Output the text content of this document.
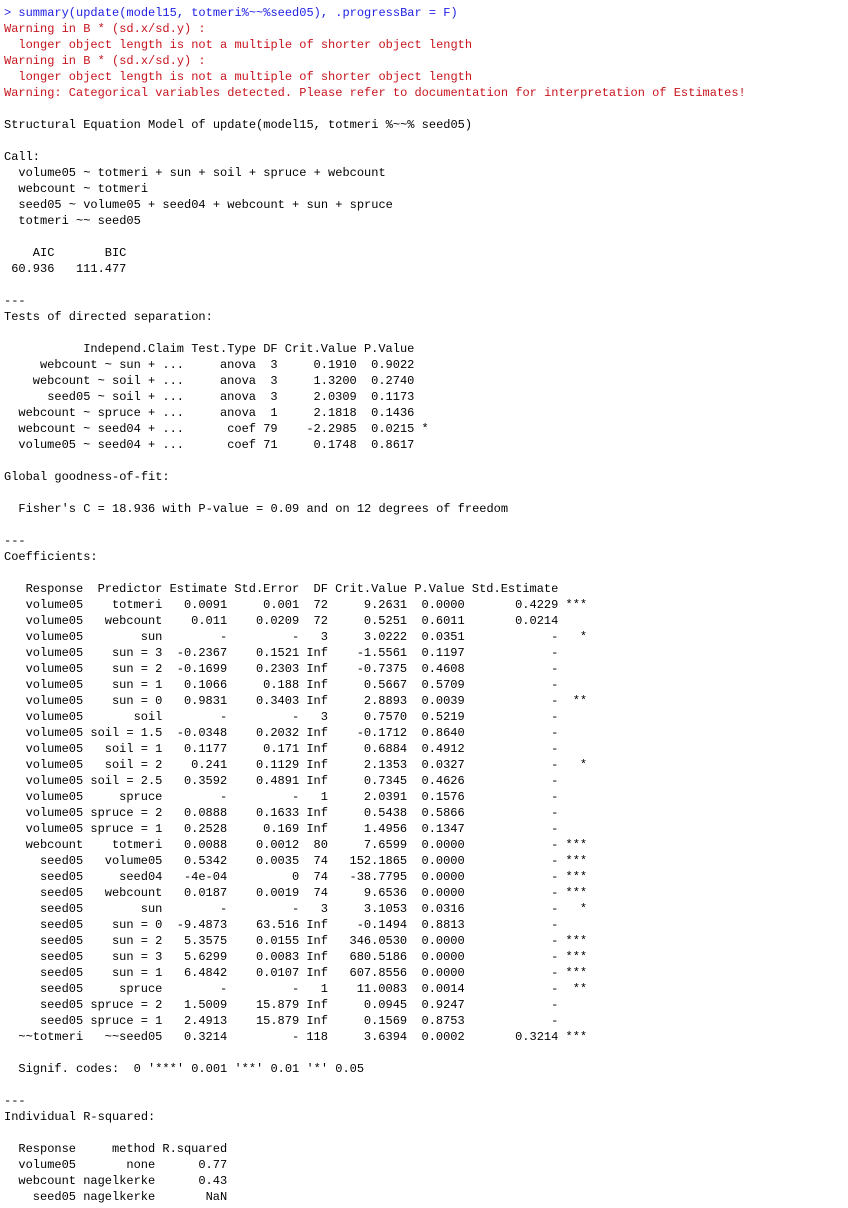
> summary(update(model15, totmeri%~~%seed05), .progressBar = F)
Warning in B * (sd.x/sd.y) :
longer object length is not a multiple of shorter object length
Warning in B * (sd.x/sd.y) :
longer object length is not a multiple of shorter object length
Warning: Categorical variables detected. Please refer to documentation for interpretation of Estimates!
Structural Equation Model of update(model15, totmeri %~~% seed05)
Call:
volume05 ~ totmeri + sun + soil + spruce + webcount
webcount ~ totmeri
seed05 ~ volume05 + seed04 + webcount + sun + spruce
totmeri ~~ seed05
AIC	BIC
60.936	111.477
---
Tests of directed separation:
Independ.Claim Test.Type DF Crit.Value P.Value
webcount ~ sun + ...	anova	3	0.1910	0.9022
webcount ~ soil + ...	anova	3	1.3200	0.2740
seed05 ~ soil + ...	anova	3	2.0309	0.1173
webcount ~ spruce + ...	anova	1	2.1818	0.1436
webcount ~ seed04 + ...	coef 79	-2.2985	0.0215 *
volume05 ~ seed04 + ...	coef 71	0.1748	0.8617
Global goodness-of-fit:
Fisher's C = 18.936 with P-value = 0.09 and on 12 degrees of freedom
---
Coefficients:
Response	Predictor Estimate Std.Error	DF Crit.Value P.Value Std.Estimate
volume05	totmeri	0.0091	0.001	72	9.2631	0.0000	0.4229 ***
volume05	webcount	0.011	0.0209	72	0.5251	0.6011	0.0214
volume05	sun	-	-	3	3.0222	0.0351	-	*
volume05	sun = 3	-0.2367	0.1521 Inf	-1.5561	0.1197	-
volume05	sun = 2	-0.1699	0.2303 Inf	-0.7375	0.4608	-
volume05	sun = 1	0.1066	0.188 Inf	0.5667	0.5709	-
volume05	sun = 0	0.9831	0.3403 Inf	2.8893	0.0039	-	**
volume05	soil	-	-	3	0.7570	0.5219	-
volume05 soil = 1.5	-0.0348	0.2032 Inf	-0.1712	0.8640	-
volume05	soil = 1	0.1177	0.171 Inf	0.6884	0.4912	-
volume05	soil = 2	0.241	0.1129 Inf	2.1353	0.0327	-	*
volume05 soil = 2.5	0.3592	0.4891 Inf	0.7345	0.4626	-
volume05	spruce	-	-	1	2.0391	0.1576	-
volume05 spruce = 2	0.0888	0.1633 Inf	0.5438	0.5866	-
volume05 spruce = 1	0.2528	0.169 Inf	1.4956	0.1347	-
webcount	totmeri	0.0088	0.0012	80	7.6599	0.0000	- ***
seed05	volume05	0.5342	0.0035	74	152.1865	0.0000	- ***
seed05	seed04	-4e-04	0	74	-38.7795	0.0000	- ***
seed05	webcount	0.0187	0.0019	74	9.6536	0.0000	- ***
seed05	sun	-	-	3	3.1053	0.0316	-	*
seed05	sun = 0	-9.4873	63.516 Inf	-0.1494	0.8813	-
seed05	sun = 2	5.3575	0.0155 Inf	346.0530	0.0000	- ***
seed05	sun = 3	5.6299	0.0083 Inf	680.5186	0.0000	- ***
seed05	sun = 1	6.4842	0.0107 Inf	607.8556	0.0000	- ***
seed05	spruce	-	-	1	11.0083	0.0014	-	**
seed05 spruce = 2	1.5009	15.879 Inf	0.0945	0.9247	-
seed05 spruce = 1	2.4913	15.879 Inf	0.1569	0.8753	-
~~totmeri	~~seed05	0.3214	- 118	3.6394	0.0002	0.3214 ***
Signif. codes:  0 '***' 0.001 '**' 0.01 '*' 0.05
---
Individual R-squared:
Response	method R.squared
volume05	none	0.77
webcount nagelkerke	0.43
seed05 nagelkerke	NaN
